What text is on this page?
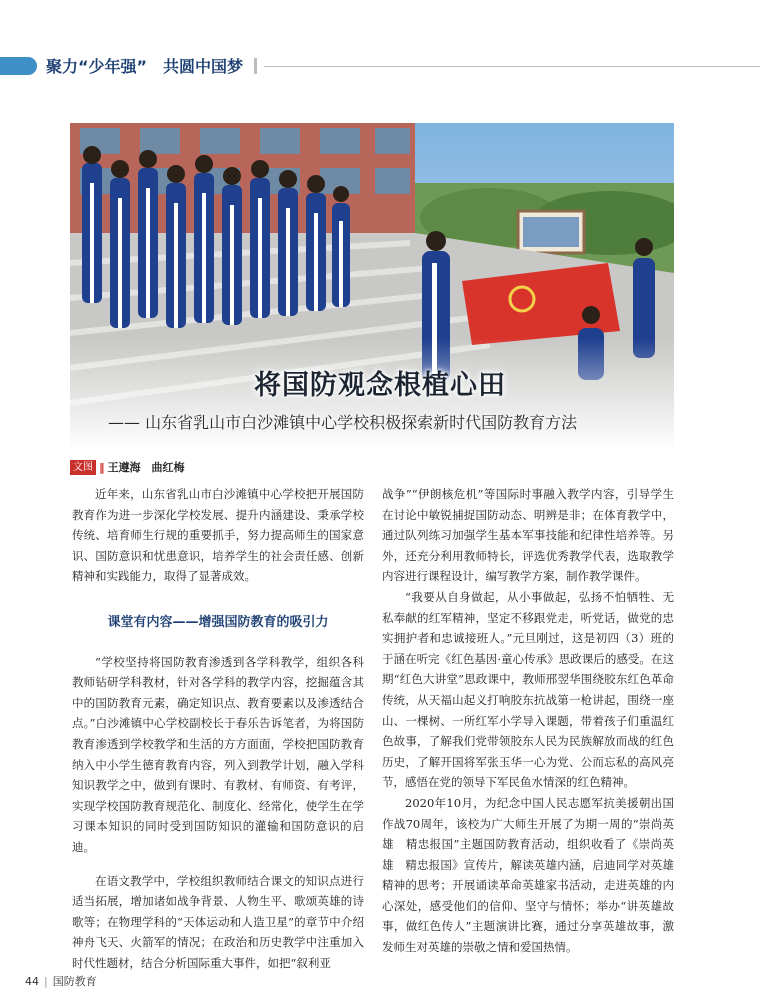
聚力“少年强”　共圆中国梦
将国防观念根植心田
—— 山东省乳山市白沙滩镇中心学校积极探索新时代国防教育方法
文图 ‖ 王遵海　曲红梅

近年来，山东省乳山市白沙滩镇中心学校把开展国防教育作为进一步深化学校发展、提升内涵建设、秉承学校传统、培育师生行规的重要抓手，努力提高师生的国家意识、国防意识和忧患意识，培养学生的社会责任感、创新精神和实践能力，取得了显著成效。

课堂有内容——增强国防教育的吸引力

“学校坚持将国防教育渗透到各学科教学，组织各科教师钻研学科教材，针对各学科的教学内容，挖掘蕴含其中的国防教育元素，确定知识点、教育要素以及渗透结合点。”白沙滩镇中心学校副校长于春乐告诉笔者，为将国防教育渗透到学校教学和生活的方方面面，学校把国防教育纳入中小学生德育教育内容，列入到教学计划，融入学科知识教学之中，做到有课时、有教材、有师资、有考评，实现学校国防教育规范化、制度化、经常化，使学生在学习课本知识的同时受到国防知识的灌输和国防意识的启迪。

在语文教学中，学校组织教师结合课文的知识点进行适当拓展，增加诸如战争背景、人物生平、歌颂英雄的诗歌等；在物理学科的“天体运动和人造卫星”的章节中介绍神舟飞天、火箭军的情况；在政治和历史教学中注重加入时代性题材，结合分析国际重大事件，如把“叙利亚

战争”“伊朗核危机”等国际时事融入教学内容，引导学生在讨论中敏锐捕捉国防动态、明辨是非；在体育教学中，通过队列练习加强学生基本军事技能和纪律性培养等。另外，还充分利用教师特长，评选优秀教学代表，选取教学内容进行课程设计，编写教学方案，制作教学课件。

“我要从自身做起，从小事做起，弘扬不怕牺牲、无私奉献的红军精神，坚定不移跟党走，听党话，做党的忠实拥护者和忠诚接班人。”元旦刚过，这是初四（3）班的于涵在听完《红色基因·童心传承》思政课后的感受。在这期“红色大讲堂”思政课中，教师邢翌华围绕胶东红色革命传统，从天福山起义打响胶东抗战第一枪讲起，围绕一座山、一棵树、一所红军小学导入课题，带着孩子们重温红色故事，了解我们党带领胶东人民为民族解放而战的红色历史，了解开国将军张玉华一心为党、公而忘私的高风亮节，感悟在党的领导下军民鱼水情深的红色精神。

2020年10月，为纪念中国人民志愿军抗美援朝出国作战70周年，该校为广大师生开展了为期一周的“崇尚英雄　精忠报国”主题国防教育活动，组织收看了《崇尚英雄　精忠报国》宣传片，解读英雄内涵，启迪同学对英雄精神的思考；开展诵读革命英雄家书活动，走进英雄的内心深处，感受他们的信仰、坚守与情怀；举办“讲英雄故事，做红色传人”主题演讲比赛，通过分享英雄故事，激发师生对英雄的崇敬之情和爱国热情。

44 | 国防教育
